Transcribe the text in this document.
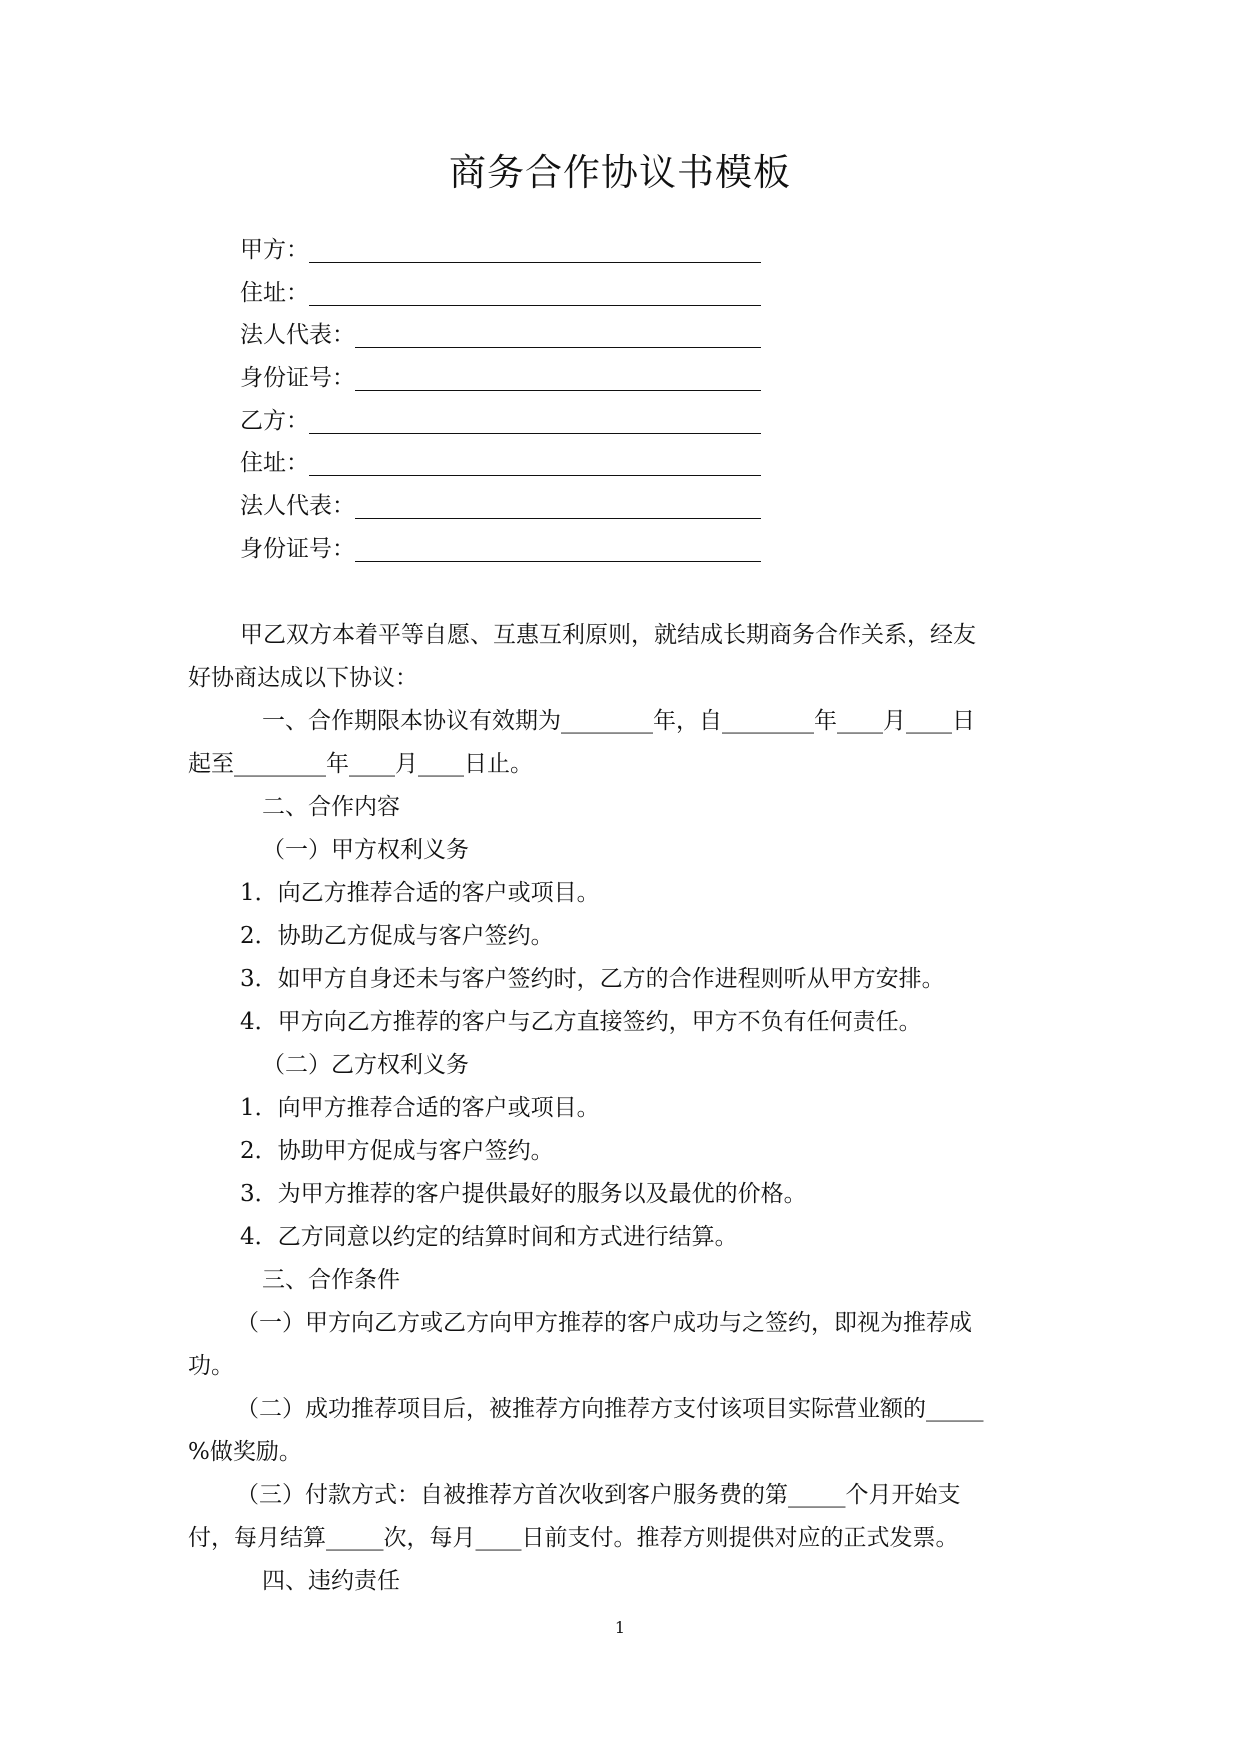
商务合作协议书模板
甲方：
住址：
法人代表：
身份证号：
乙方：
住址：
法人代表：
身份证号：
甲乙双方本着平等自愿、互惠互利原则，就结成长期商务合作关系，经友
好协商达成以下协议：
一、合作期限本协议有效期为________年，自________年____月____日
起至________年____月____日止。
二、合作内容
（一）甲方权利义务
1．向乙方推荐合适的客户或项目。
2．协助乙方促成与客户签约。
3．如甲方自身还未与客户签约时，乙方的合作进程则听从甲方安排。
4．甲方向乙方推荐的客户与乙方直接签约，甲方不负有任何责任。
（二）乙方权利义务
1．向甲方推荐合适的客户或项目。
2．协助甲方促成与客户签约。
3．为甲方推荐的客户提供最好的服务以及最优的价格。
4．乙方同意以约定的结算时间和方式进行结算。
三、合作条件
（一）甲方向乙方或乙方向甲方推荐的客户成功与之签约，即视为推荐成
功。
（二）成功推荐项目后，被推荐方向推荐方支付该项目实际营业额的_____
%做奖励。
（三）付款方式：自被推荐方首次收到客户服务费的第_____个月开始支
付，每月结算_____次，每月____日前支付。推荐方则提供对应的正式发票。
四、违约责任
1
